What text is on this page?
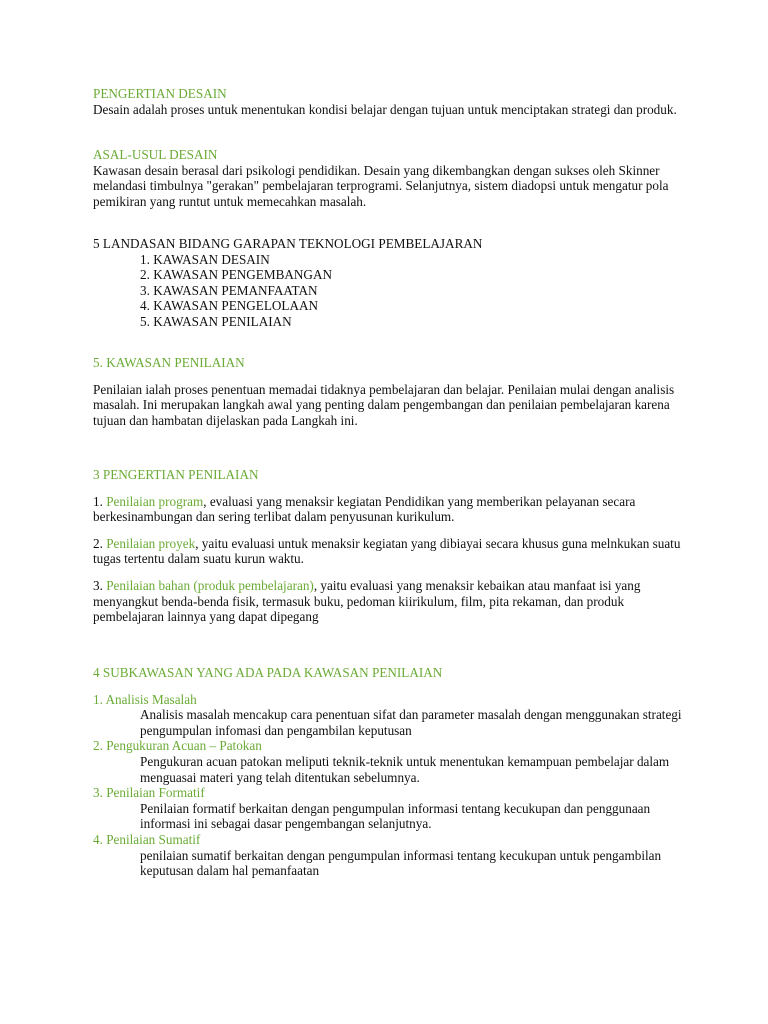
PENGERTIAN DESAIN

Desain adalah proses untuk menentukan kondisi belajar dengan tujuan untuk menciptakan strategi dan produk.

ASAL-USUL DESAIN

Kawasan desain berasal dari psikologi pendidikan. Desain yang dikembangkan dengan sukses oleh Skinner melandasi timbulnya "gerakan" pembelajaran terprogrami. Selanjutnya, sistem diadopsi untuk mengatur pola pemikiran yang runtut untuk memecahkan masalah.

5 LANDASAN BIDANG GARAPAN TEKNOLOGI PEMBELAJARAN

1. KAWASAN DESAIN

2. KAWASAN PENGEMBANGAN

3. KAWASAN PEMANFAATAN

4. KAWASAN PENGELOLAAN

5. KAWASAN PENILAIAN

5. KAWASAN PENILAIAN

Penilaian ialah proses penentuan memadai tidaknya pembelajaran dan belajar. Penilaian mulai dengan analisis masalah. Ini merupakan langkah awal yang penting dalam pengembangan dan penilaian pembelajaran karena tujuan dan hambatan dijelaskan pada Langkah ini.

3 PENGERTIAN PENILAIAN

1. Penilaian program, evaluasi yang menaksir kegiatan Pendidikan yang memberikan pelayanan secara berkesinambungan dan sering terlibat dalam penyusunan kurikulum.

2. Penilaian proyek, yaitu evaluasi untuk menaksir kegiatan yang dibiayai secara khusus guna melnkukan suatu tugas tertentu dalam suatu kurun waktu.

3. Penilaian bahan (produk pembelajaran), yaitu evaluasi yang menaksir kebaikan atau manfaat isi yang menyangkut benda-benda fisik, termasuk buku, pedoman kiirikulum, film, pita rekaman, dan produk pembelajaran lainnya yang dapat dipegang

4 SUBKAWASAN YANG ADA PADA KAWASAN PENILAIAN

1. Analisis Masalah

Analisis masalah mencakup cara penentuan sifat dan parameter masalah dengan menggunakan strategi pengumpulan infomasi dan pengambilan keputusan

2. Pengukuran Acuan – Patokan

Pengukuran acuan patokan meliputi teknik-teknik untuk menentukan kemampuan pembelajar dalam menguasai materi yang telah ditentukan sebelumnya.

3. Penilaian Formatif

Penilaian formatif berkaitan dengan pengumpulan informasi tentang kecukupan dan penggunaan informasi ini sebagai dasar pengembangan selanjutnya.

4. Penilaian Sumatif

penilaian sumatif berkaitan dengan pengumpulan informasi tentang kecukupan untuk pengambilan keputusan dalam hal pemanfaatan
